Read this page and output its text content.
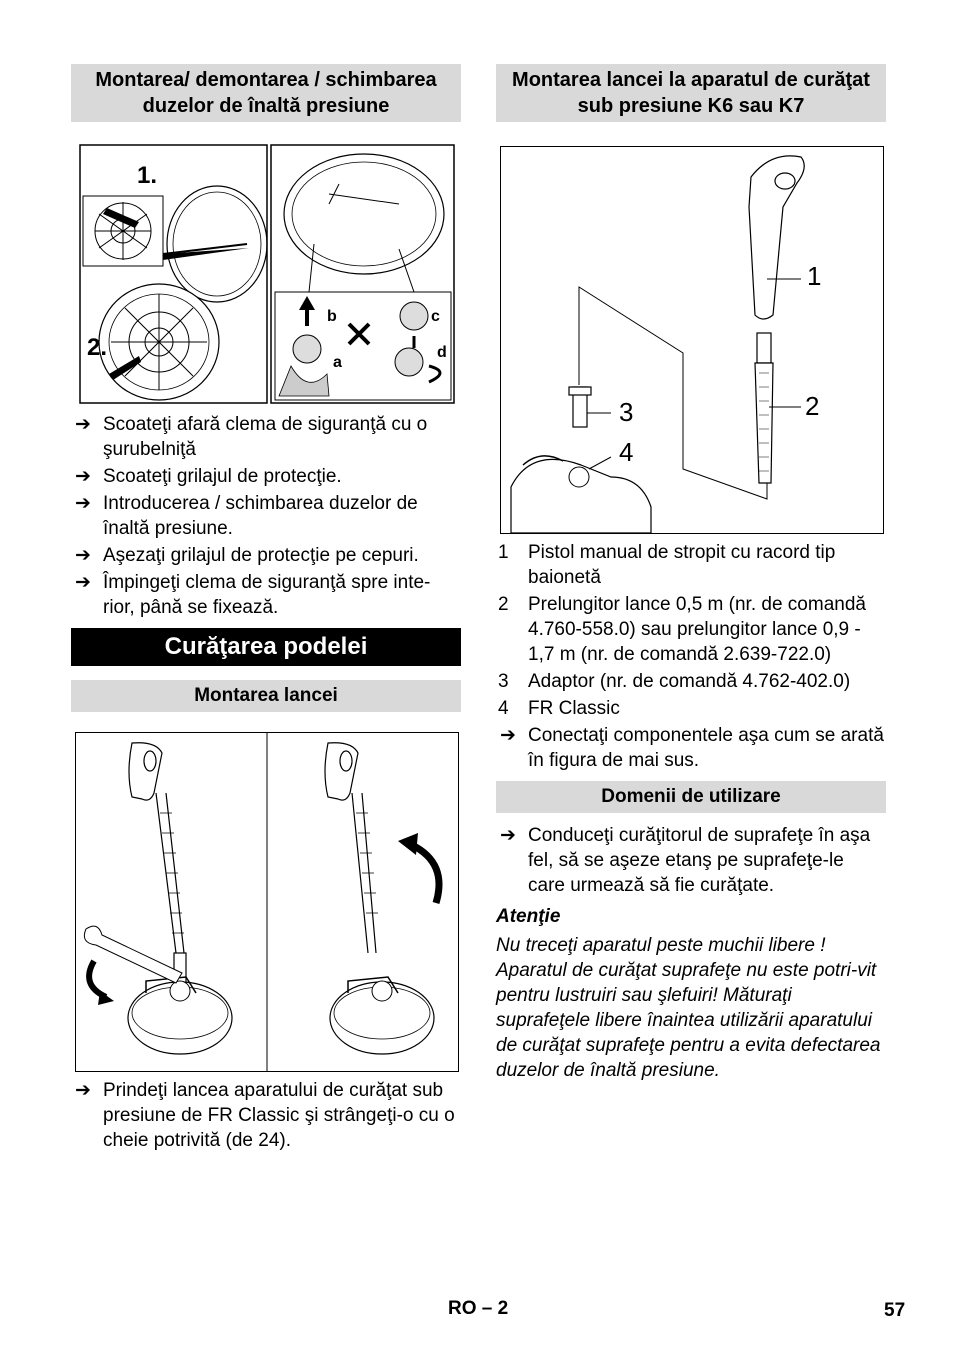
Montarea/ demontarea / schimbarea duzelor de înaltă presiune
1.
2.
a
b	c
d
➔ Scoateţi afară clema de siguranţă cu o şurubelniţă
➔ Scoateţi grilajul de protecţie.
➔ Introducerea / schimbarea duzelor de înaltă presiune.
➔ Aşezaţi grilajul de protecţie pe cepuri.
➔ Împingeţi clema de siguranţă spre inte-rior, până se fixează.
Curăţarea podelei
Montarea lancei
➔ Prindeţi lancea aparatului de curăţat sub presiune de FR Classic şi strângeţi-o cu o cheie potrivită (de 24).
Montarea lancei la aparatul de curăţat sub presiune K6 sau K7
1
2
3
4
1 Pistol manual de stropit cu racord tip baionetă
2 Prelungitor lance 0,5 m (nr. de comandă 4.760-558.0) sau prelungitor lance 0,9 - 1,7 m (nr. de comandă 2.639-722.0)
3 Adaptor (nr. de comandă 4.762-402.0)
4 FR Classic
➔ Conectaţi componentele aşa cum se arată în figura de mai sus.
Domenii de utilizare
➔ Conduceţi curăţitorul de suprafeţe în aşa fel, să se aşeze etanş pe suprafeţe-le care urmează să fie curăţate.
Atenţie
Nu treceţi aparatul peste muchii libere ! Aparatul de curăţat suprafeţe nu este potri-vit pentru lustruiri sau şlefuiri! Măturaţi suprafeţele libere înaintea utilizării aparatului de curăţat suprafeţe pentru a evita defectarea duzelor de înaltă presiune.
RO – 2	57
